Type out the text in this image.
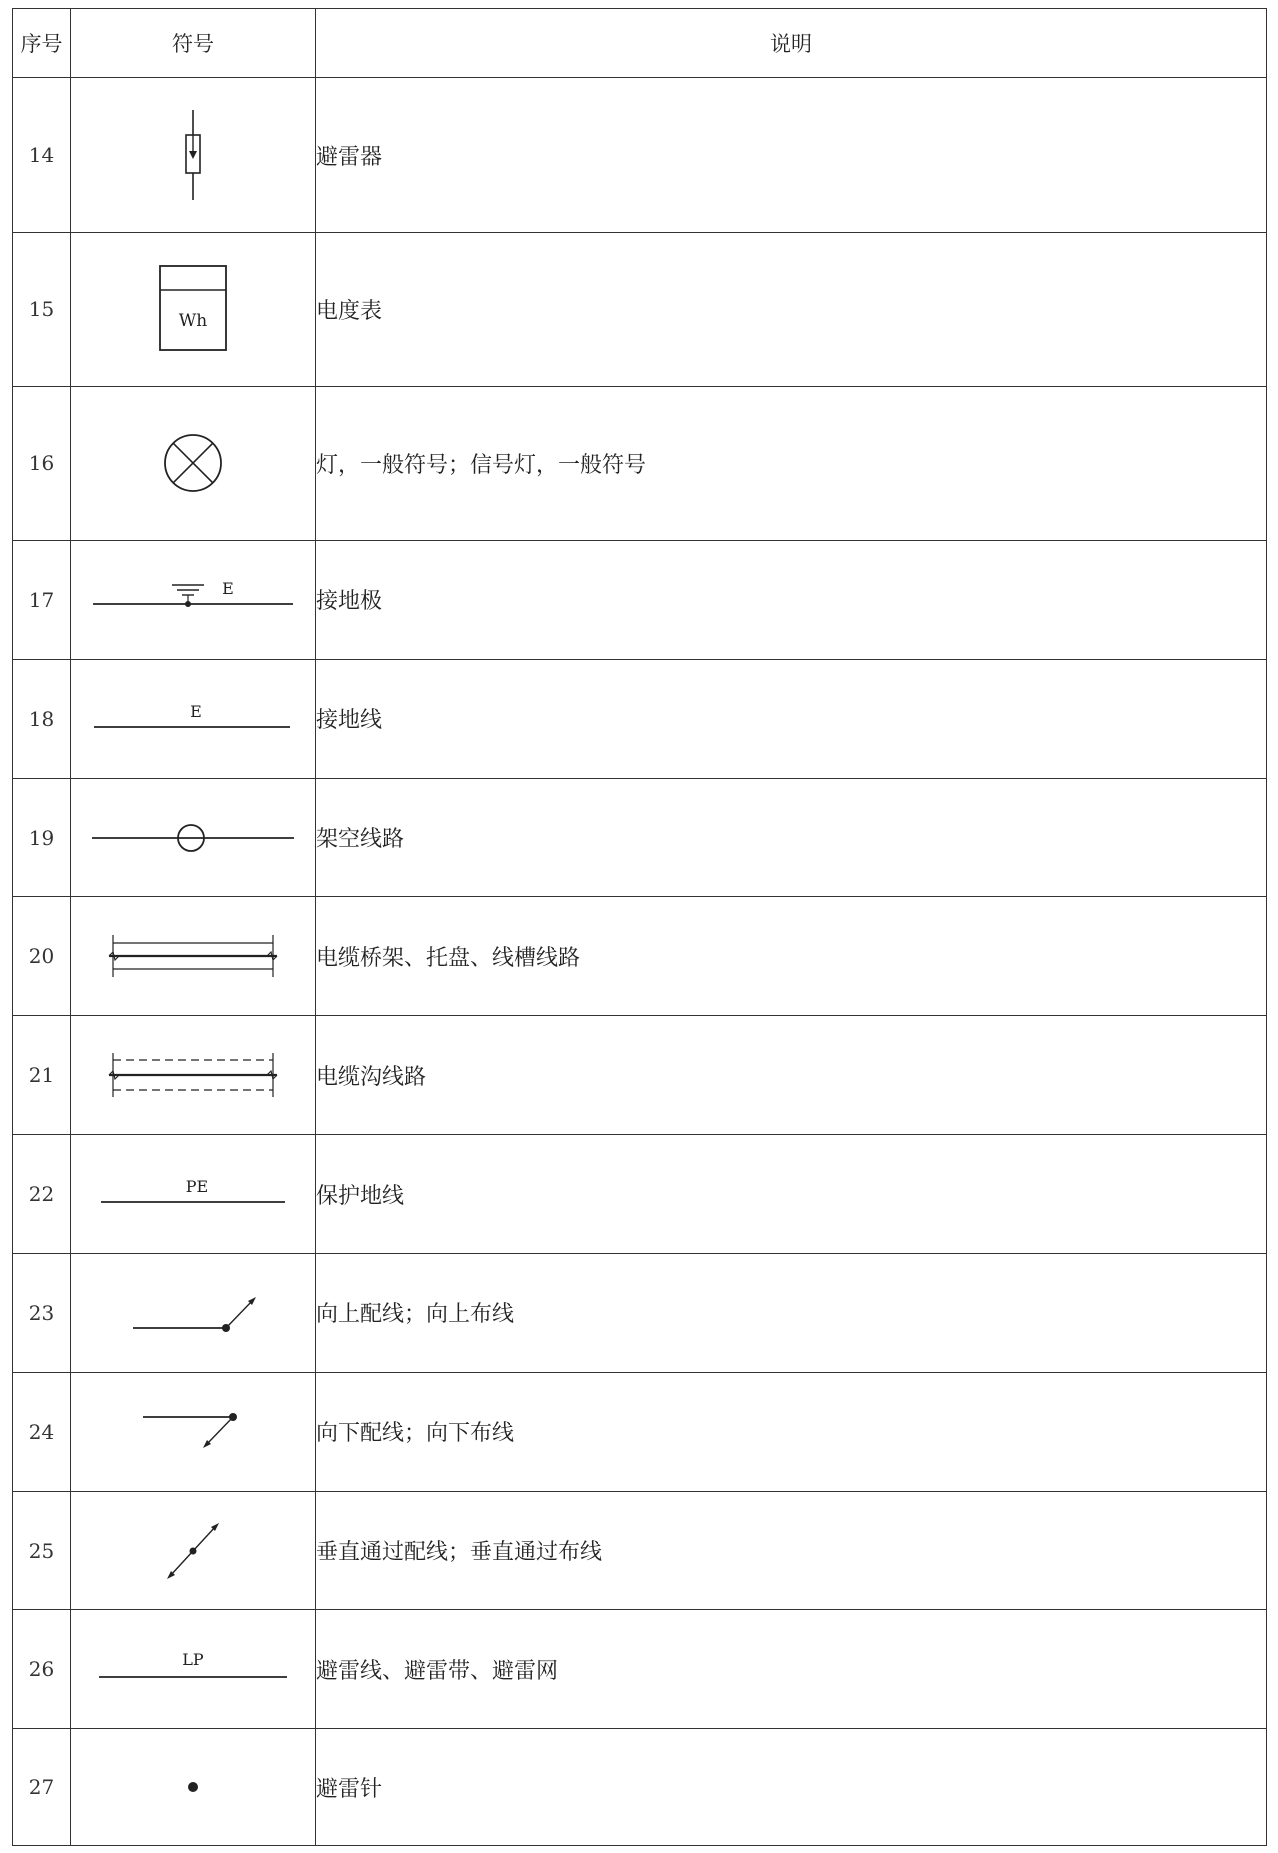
序号	符号	说明
14		避雷器
15	Wh	电度表
16		灯，一般符号；信号灯，一般符号
17	E	接地极
18	E	接地线
19		架空线路
20		电缆桥架、托盘、线槽线路
21		电缆沟线路
22	PE	保护地线
23		向上配线；向上布线
24		向下配线；向下布线
25		垂直通过配线；垂直通过布线
26	LP	避雷线、避雷带、避雷网
27		避雷针
